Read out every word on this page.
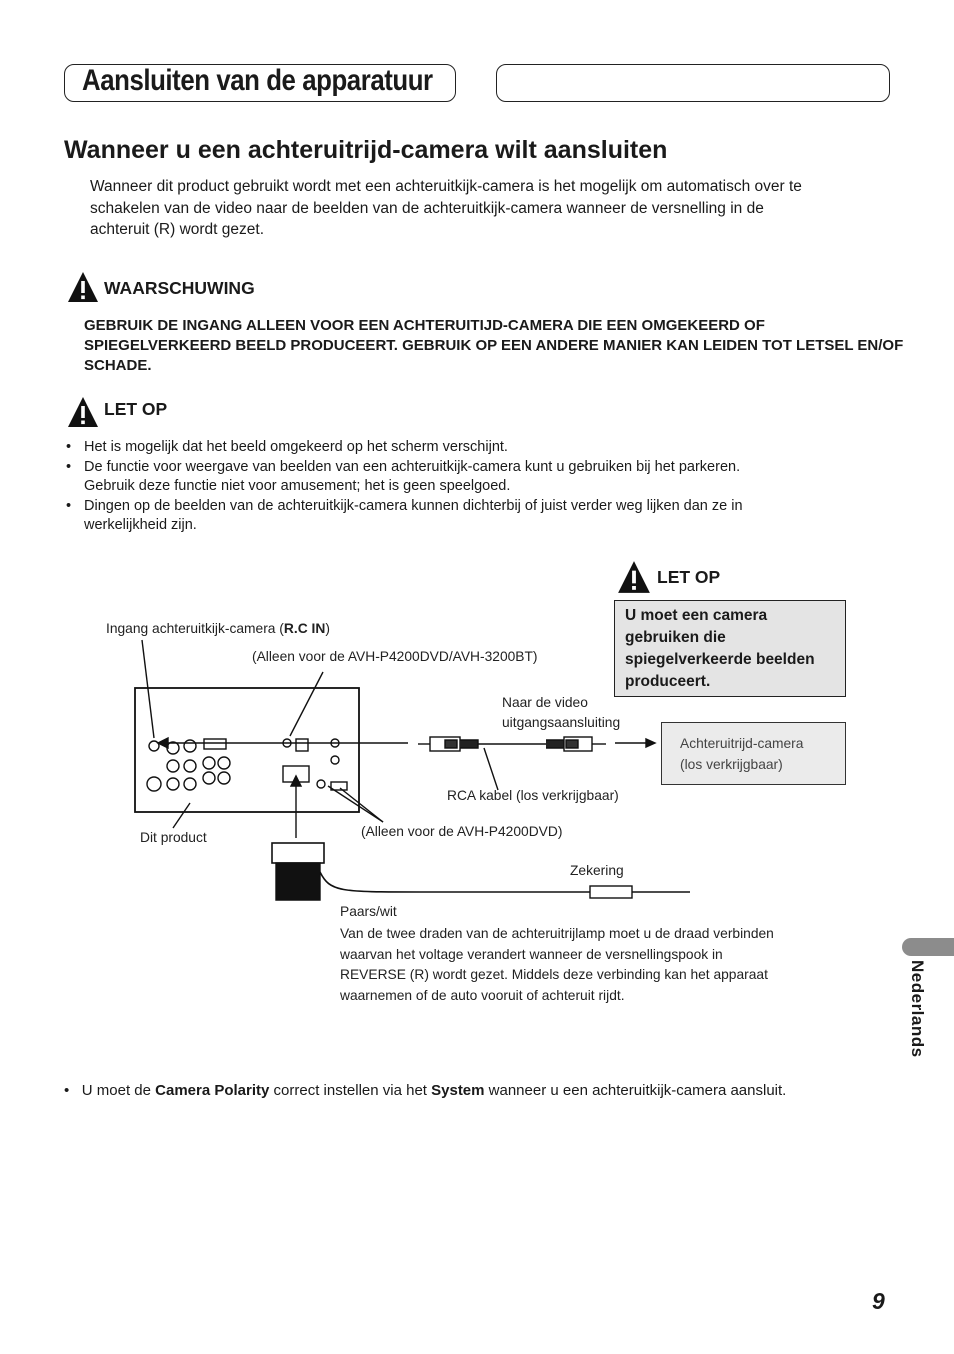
Aansluiten van de apparatuur
Wanneer u een achteruitrijd-camera wilt aansluiten
Wanneer dit product gebruikt wordt met een achteruitkijk-camera is het mogelijk om automatisch over te schakelen van de video naar de beelden van de achteruitkijk-camera wanneer de versnelling in de achteruit (R) wordt gezet.
WAARSCHUWING
GEBRUIK DE INGANG ALLEEN VOOR EEN ACHTERUITIJD-CAMERA DIE EEN OMGEKEERD OF SPIEGELVERKEERD BEELD PRODUCEERT. GEBRUIK OP EEN ANDERE MANIER KAN LEIDEN TOT LETSEL EN/OF SCHADE.
LET OP
• Het is mogelijk dat het beeld omgekeerd op het scherm verschijnt.
• De functie voor weergave van beelden van een achteruitkijk-camera kunt u gebruiken bij het parkeren. Gebruik deze functie niet voor amusement; het is geen speelgoed.
• Dingen op de beelden van de achteruitkijk-camera kunnen dichterbij of juist verder weg lijken dan ze in werkelijkheid zijn.
Ingang achteruitkijk-camera (R.C IN)
(Alleen voor de AVH-P4200DVD/AVH-3200BT)
Naar de video
uitgangsaansluiting
RCA kabel (los verkrijgbaar)
Dit product	(Alleen voor de AVH-P4200DVD)
Zekering
Paars/wit
Van de twee draden van de achteruitrijlamp moet u de draad verbinden waarvan het voltage verandert wanneer de versnellingspook in REVERSE (R) wordt gezet. Middels deze verbinding kan het apparaat waarnemen of de auto vooruit of achteruit rijdt.
LET OP
U moet een camera gebruiken die spiegelverkeerde beelden produceert.
Achteruitrijd-camera
(los verkrijgbaar)
•   U moet de Camera Polarity correct instellen via het System wanneer u een achteruitkijk-camera aansluit.
Nederlands
9
